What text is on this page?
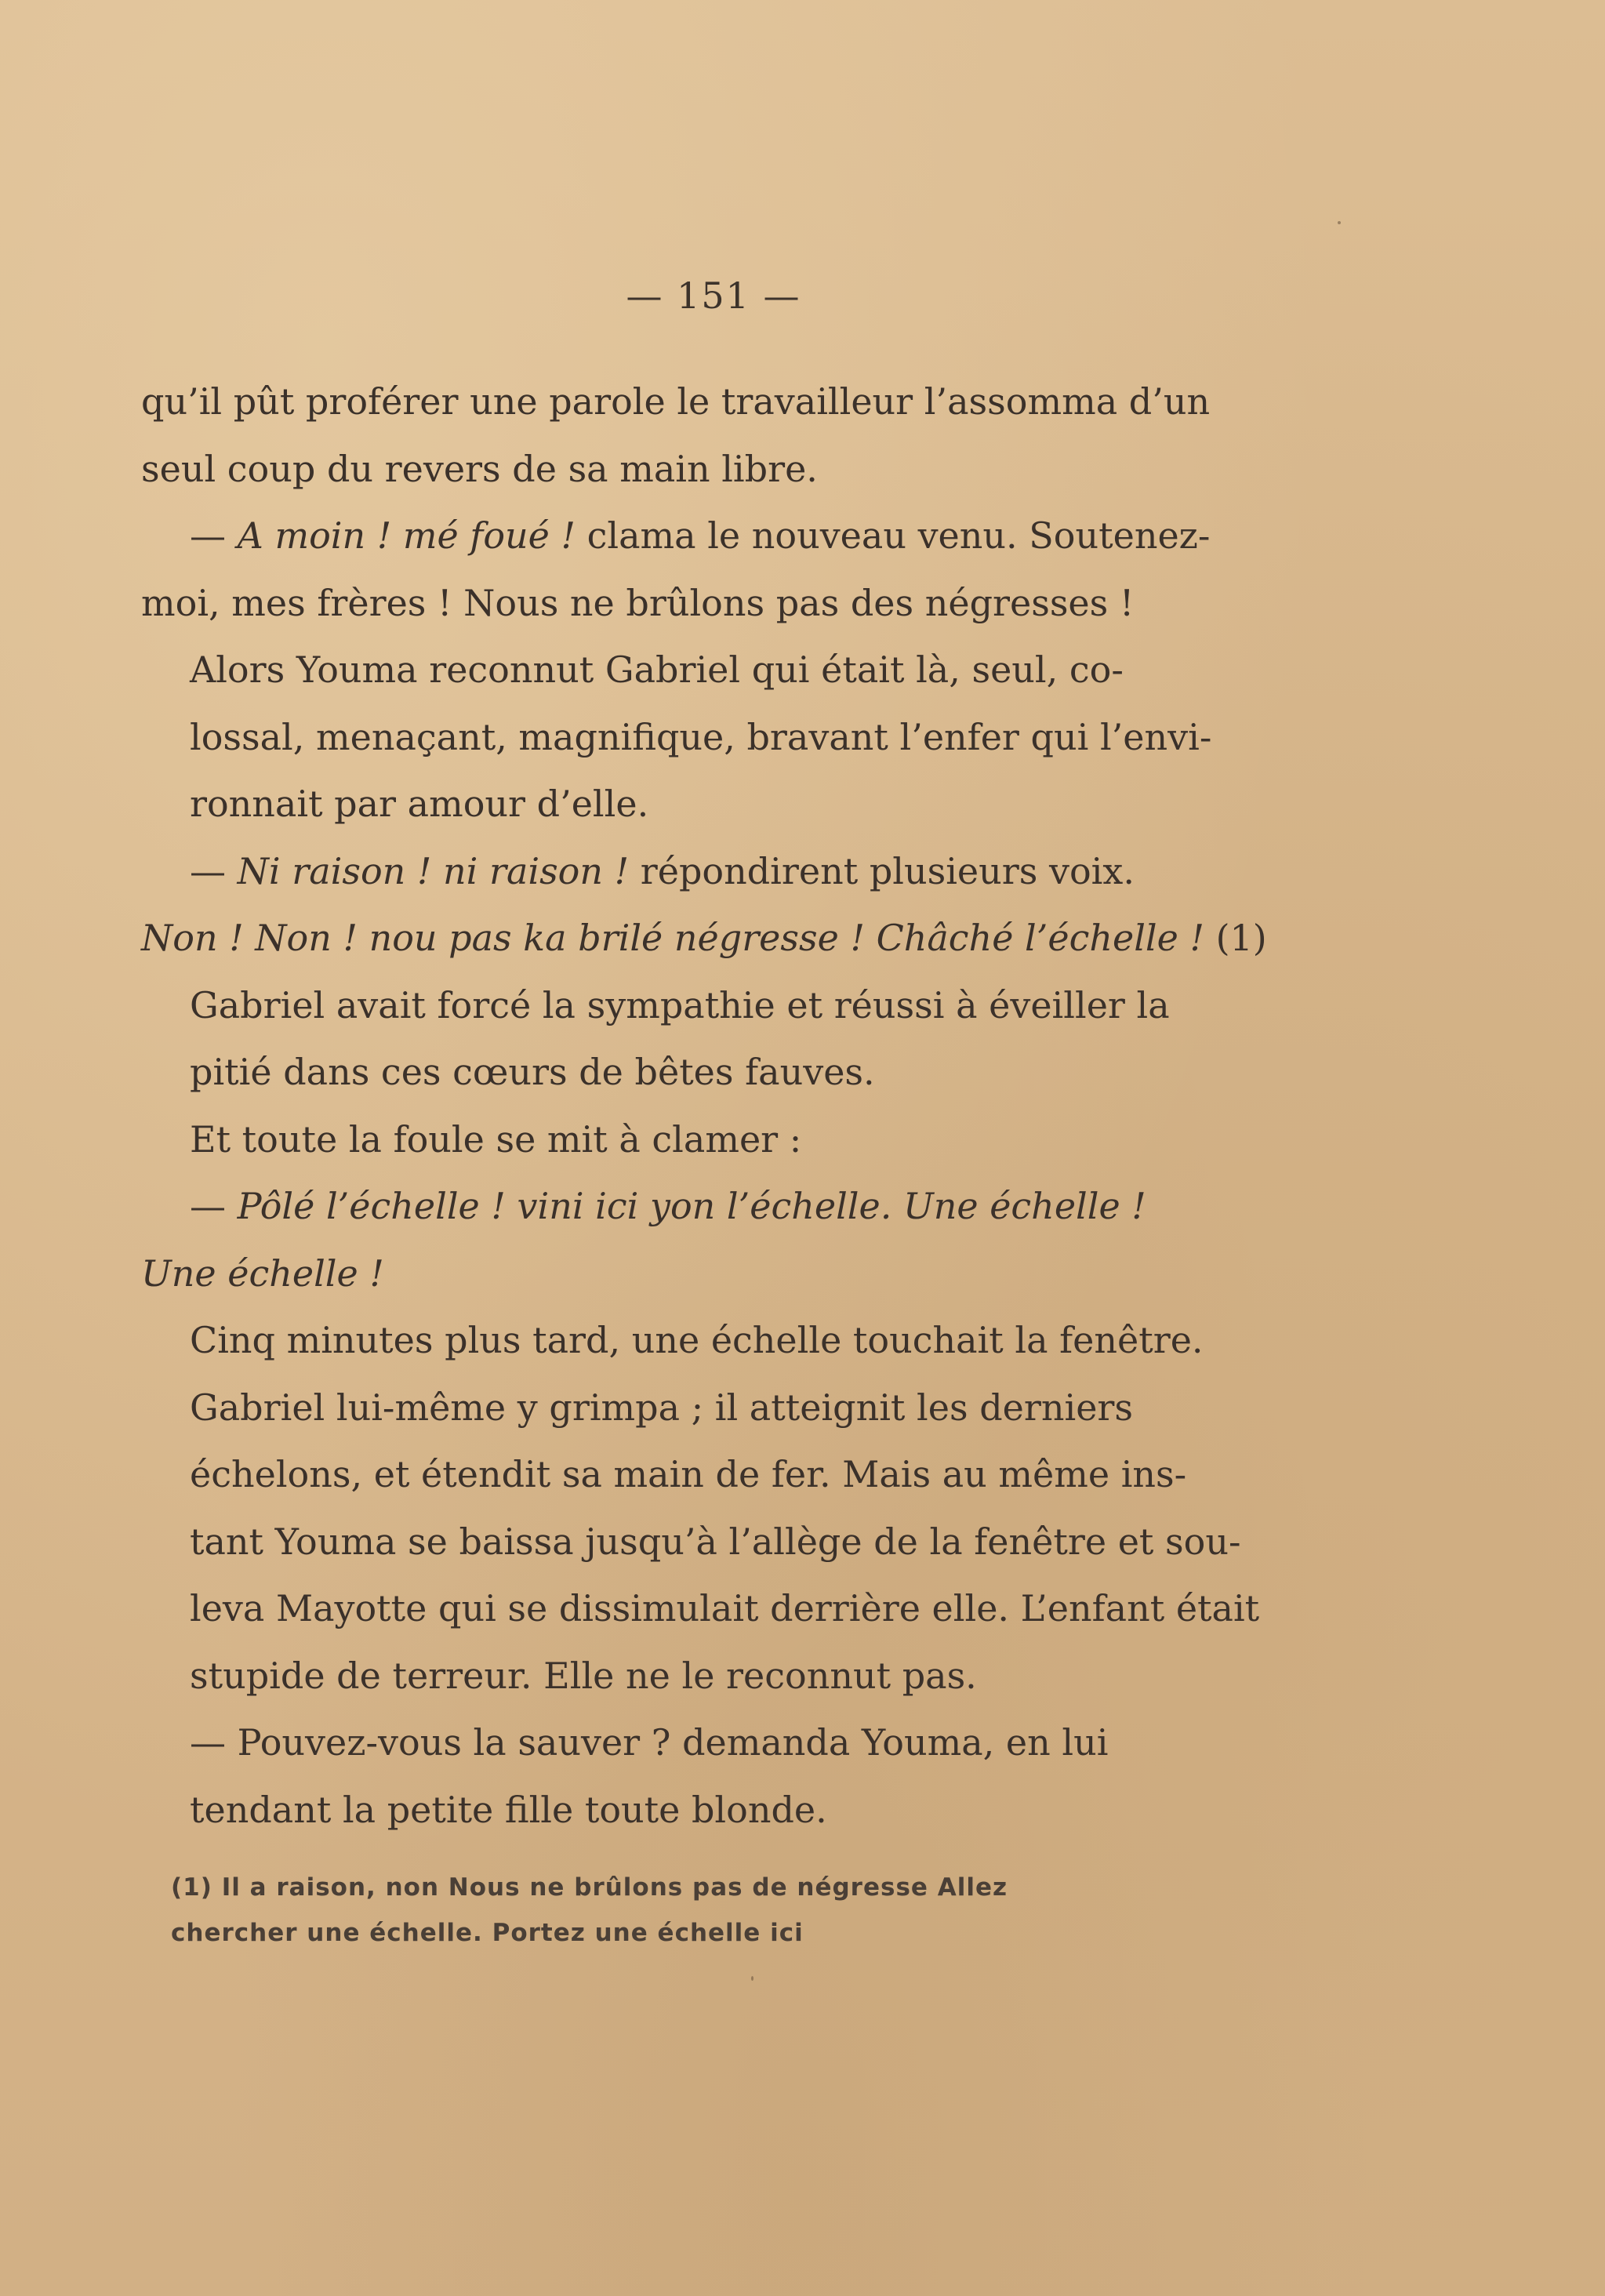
— 151 —

qu’il pût proférer une parole le travailleur l’assomma d’un
seul coup du revers de sa main libre.

— A moin ! mé foué ! clama le nouveau venu. Soutenez-
moi, mes frères ! Nous ne brûlons pas des négresses !

Alors Youma reconnut Gabriel qui était là, seul, co-
lossal, menaçant, magnifique, bravant l’enfer qui l’envi-
ronnait par amour d’elle.

— Ni raison ! ni raison ! répondirent plusieurs voix.
Non ! Non ! nou pas ka brilé négresse ! Châché l’échelle ! (1)

Gabriel avait forcé la sympathie et réussi à éveiller la
pitié dans ces cœurs de bêtes fauves.

Et toute la foule se mit à clamer :

— Pôlé l’échelle ! vini ici yon l’échelle. Une échelle !
Une échelle !

Cinq minutes plus tard, une échelle touchait la fenêtre.
Gabriel lui-même y grimpa ; il atteignit les derniers
échelons, et étendit sa main de fer. Mais au même ins-
tant Youma se baissa jusqu’à l’allège de la fenêtre et sou-
leva Mayotte qui se dissimulait derrière elle. L’enfant était
stupide de terreur. Elle ne le reconnut pas.

— Pouvez-vous la sauver ? demanda Youma, en lui
tendant la petite fille toute blonde.

(1) Il a raison, non Nous ne brûlons pas de négresse Allez
chercher une échelle. Portez une échelle ici
